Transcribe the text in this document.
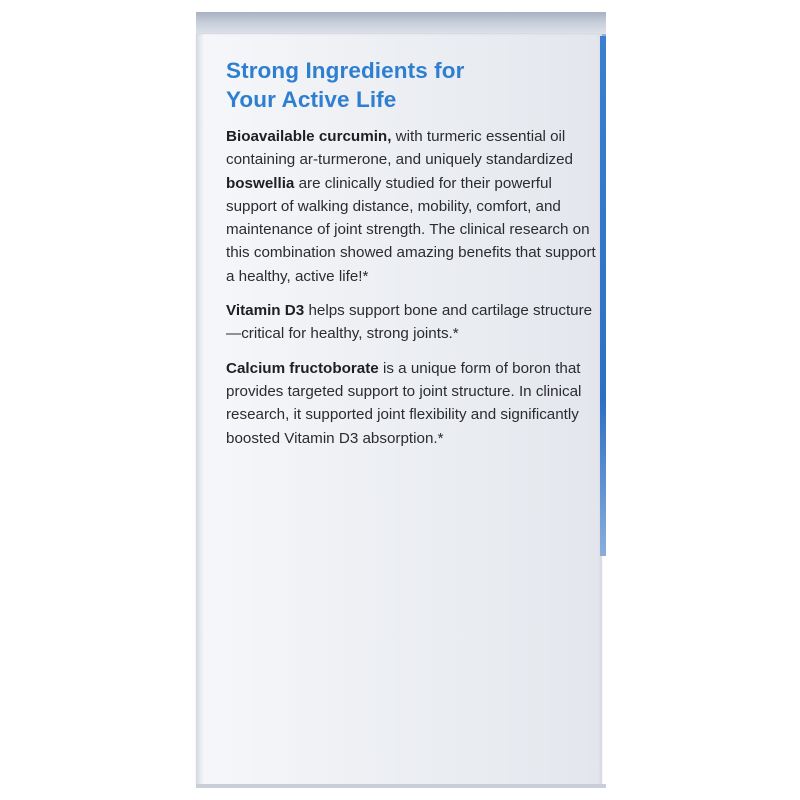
Strong Ingredients for
Your Active Life

Bioavailable curcumin, with turmeric essential oil containing ar-turmerone, and uniquely standardized boswellia are clinically studied for their powerful support of walking distance, mobility, comfort, and maintenance of joint strength. The clinical research on this combination showed amazing benefits that support a healthy, active life!*

Vitamin D3 helps support bone and cartilage structure—critical for healthy, strong joints.*

Calcium fructoborate is a unique form of boron that provides targeted support to joint structure. In clinical research, it supported joint flexibility and significantly boosted Vitamin D3 absorption.*
